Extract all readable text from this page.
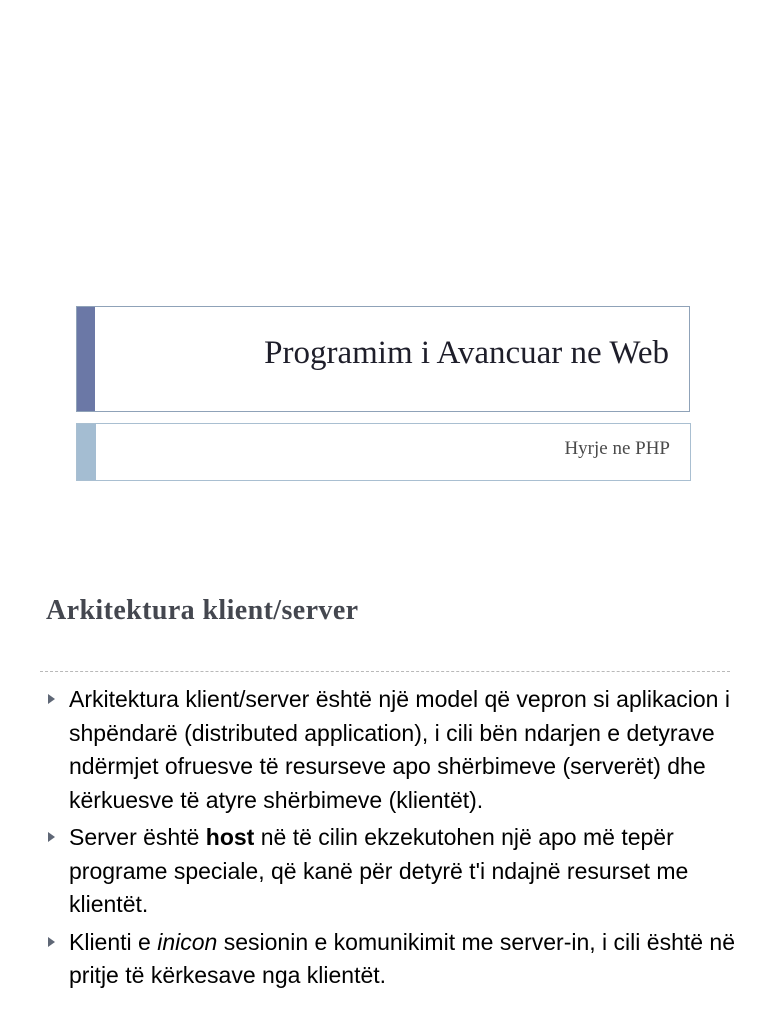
Programim i Avancuar ne Web
Hyrje ne PHP
Arkitektura klient/server
Arkitektura klient/server është një model që vepron si aplikacion i shpëndarë (distributed application), i cili bën ndarjen e detyrave ndërmjet ofruesve të resurseve apo shërbimeve (serverët) dhe kërkuesve të atyre shërbimeve (klientët).
Server është host në të cilin ekzekutohen një apo më tepër programe speciale, që kanë për detyrë t'i ndajnë resurset me klientët.
Klienti e inicon sesionin e komunikimit me server-in, i cili është në pritje të kërkesave nga klientët.
